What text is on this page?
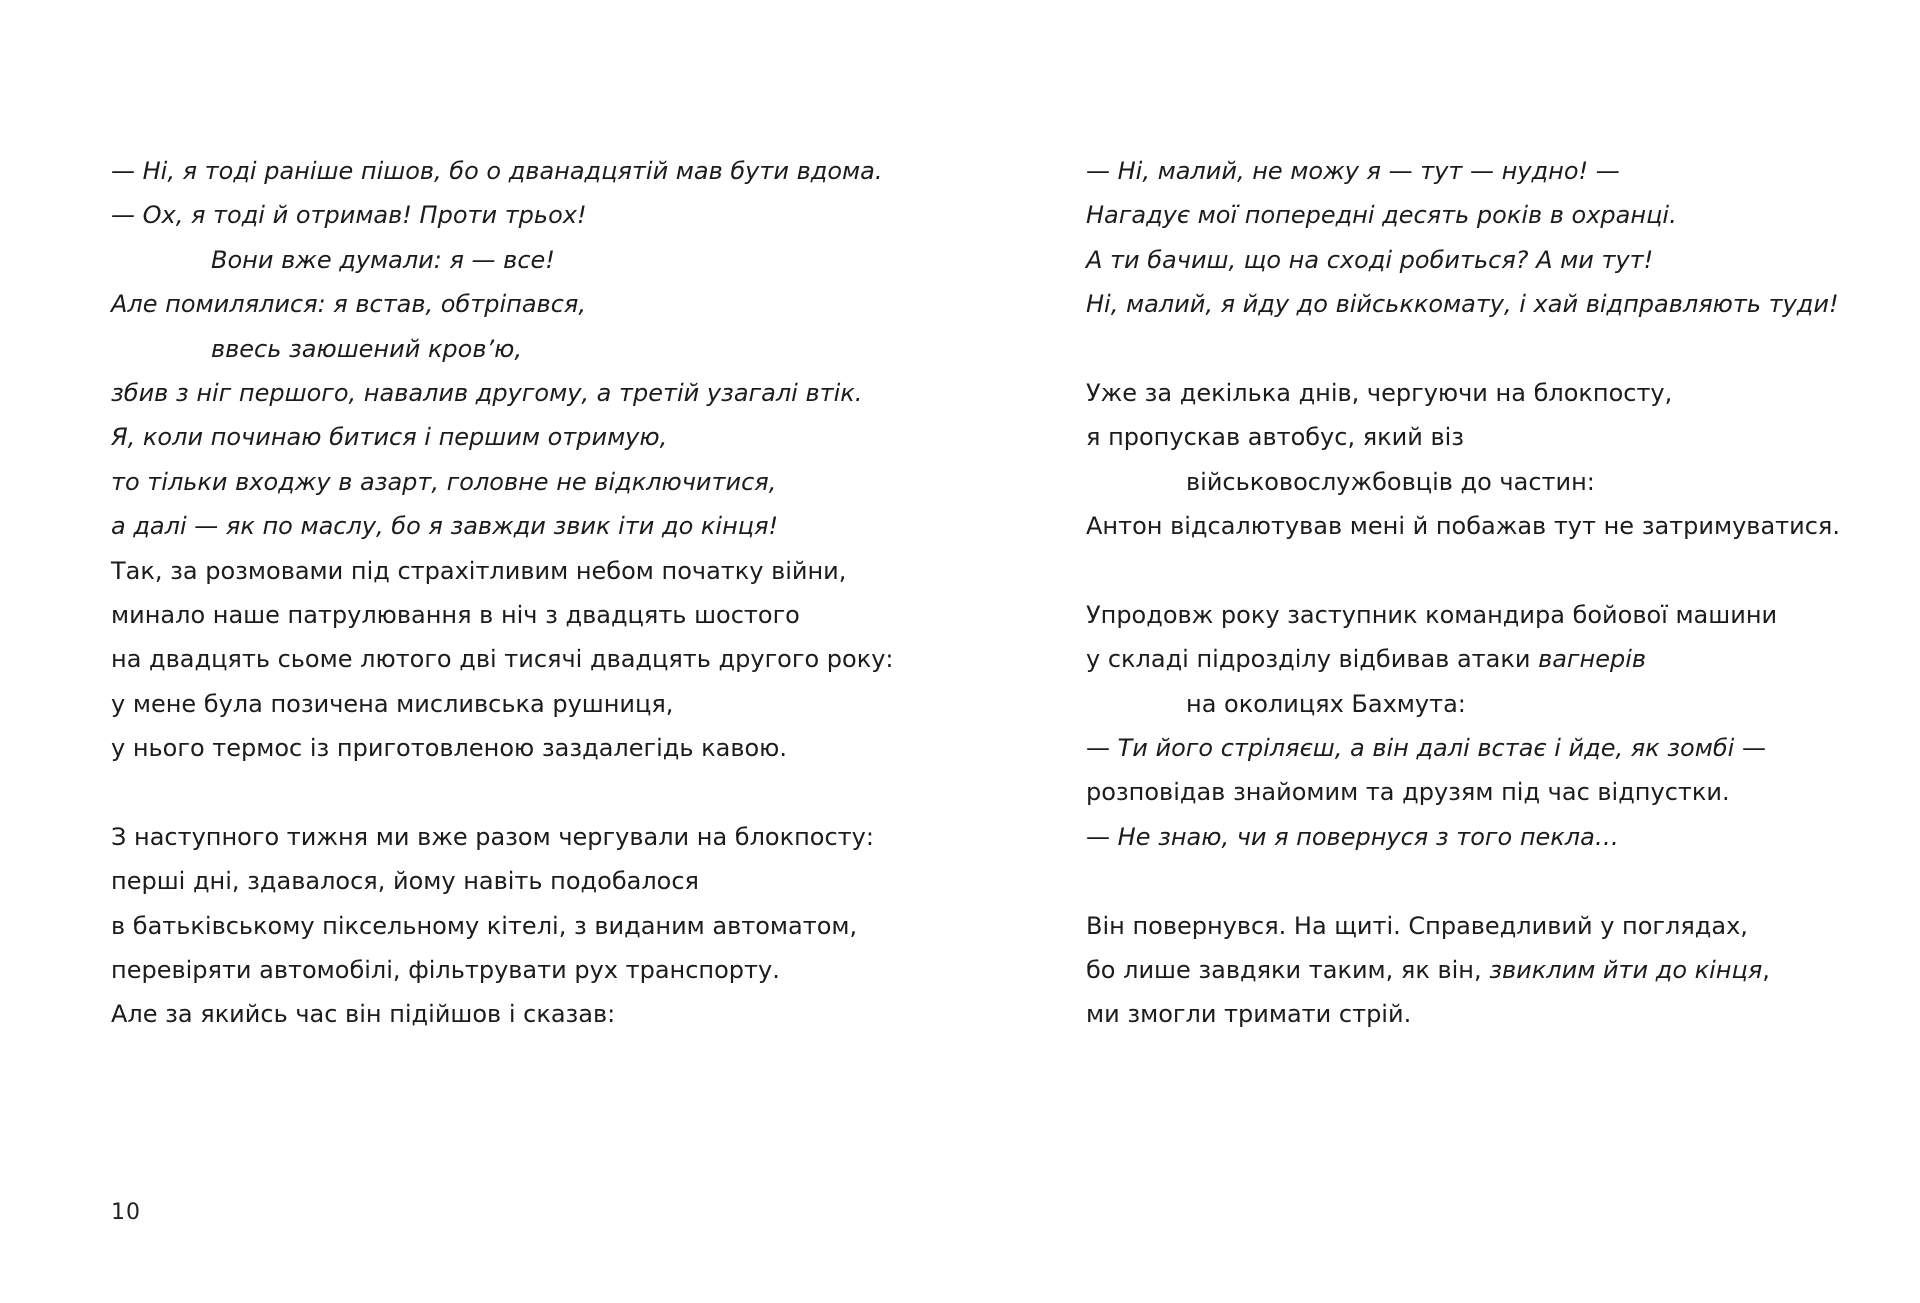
— Ні, я тоді раніше пішов, бо о дванадцятій мав бути вдома.
— Ох, я тоді й отримав! Проти трьох!
Вони вже думали: я — все!
Але помилялися: я встав, обтріпався,
ввесь заюшений кров’ю,
збив з ніг першого, навалив другому, а третій узагалі втік.
Я, коли починаю битися і першим отримую,
то тільки входжу в азарт, головне не відключитися,
а далі — як по маслу, бо я завжди звик іти до кінця!
Так, за розмовами під страхітливим небом початку війни,
минало наше патрулювання в ніч з двадцять шостого
на двадцять сьоме лютого дві тисячі двадцять другого року:
у мене була позичена мисливська рушниця,
у нього термос із приготовленою заздалегідь кавою.
З наступного тижня ми вже разом чергували на блокпосту:
перші дні, здавалося, йому навіть подобалося
в батьківському піксельному кітелі, з виданим автоматом,
перевіряти автомобілі, фільтрувати рух транспорту.
Але за якийсь час він підійшов і сказав:
— Ні, малий, не можу я — тут — нудно! —
Нагадує мої попередні десять років в охранці.
А ти бачиш, що на сході робиться? А ми тут!
Ні, малий, я йду до військкомату, і хай відправляють туди!
Уже за декілька днів, чергуючи на блокпосту,
я пропускав автобус, який віз
військовослужбовців до частин:
Антон відсалютував мені й побажав тут не затримуватися.
Упродовж року заступник командира бойової машини
у складі підрозділу відбивав атаки вагнерів
на околицях Бахмута:
— Ти його стріляєш, а він далі встає і йде, як зомбі —
розповідав знайомим та друзям під час відпустки.
— Не знаю, чи я повернуся з того пекла…
Він повернувся. На щиті. Справедливий у поглядах,
бо лише завдяки таким, як він, звиклим йти до кінця,
ми змогли тримати стрій.
10
